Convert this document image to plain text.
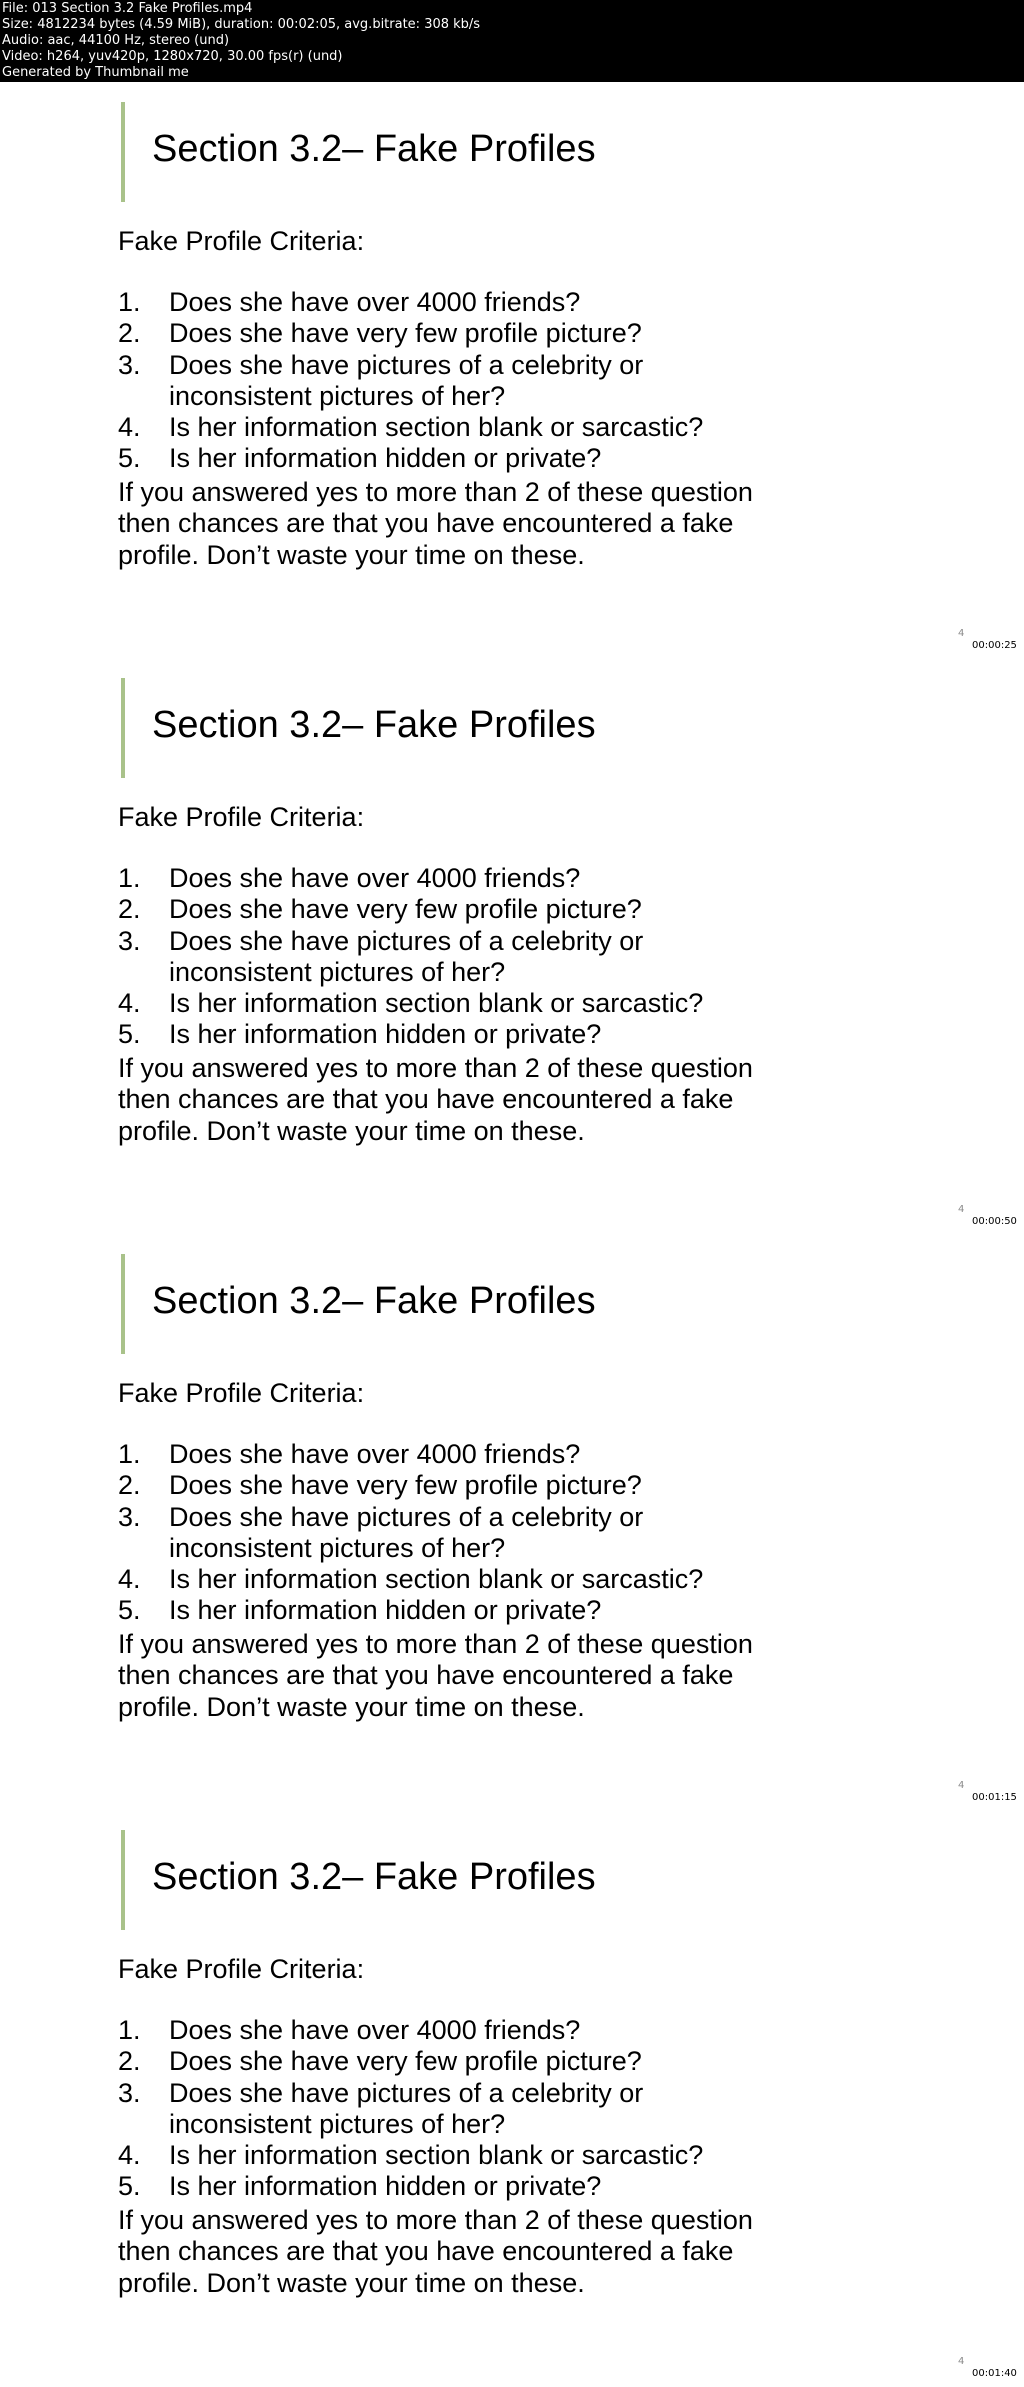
File: 013 Section 3.2 Fake Profiles.mp4
Size: 4812234 bytes (4.59 MiB), duration: 00:02:05, avg.bitrate: 308 kb/s
Audio: aac, 44100 Hz, stereo (und)
Video: h264, yuv420p, 1280x720, 30.00 fps(r) (und)
Generated by Thumbnail me
Section 3.2– Fake Profiles
Fake Profile Criteria:
1.	Does she have over 4000 friends?
2.	Does she have very few profile picture?
3.	Does she have pictures of a celebrity or
inconsistent pictures of her?
4.	Is her information section blank or sarcastic?
5.	Is her information hidden or private?
If you answered yes to more than 2 of these question
then chances are that you have encountered a fake
profile. Don’t waste your time on these.
4
00:00:25
Section 3.2– Fake Profiles
Fake Profile Criteria:
1.	Does she have over 4000 friends?
2.	Does she have very few profile picture?
3.	Does she have pictures of a celebrity or
inconsistent pictures of her?
4.	Is her information section blank or sarcastic?
5.	Is her information hidden or private?
If you answered yes to more than 2 of these question
then chances are that you have encountered a fake
profile. Don’t waste your time on these.
4
00:00:50
Section 3.2– Fake Profiles
Fake Profile Criteria:
1.	Does she have over 4000 friends?
2.	Does she have very few profile picture?
3.	Does she have pictures of a celebrity or
inconsistent pictures of her?
4.	Is her information section blank or sarcastic?
5.	Is her information hidden or private?
If you answered yes to more than 2 of these question
then chances are that you have encountered a fake
profile. Don’t waste your time on these.
4
00:01:15
Section 3.2– Fake Profiles
Fake Profile Criteria:
1.	Does she have over 4000 friends?
2.	Does she have very few profile picture?
3.	Does she have pictures of a celebrity or
inconsistent pictures of her?
4.	Is her information section blank or sarcastic?
5.	Is her information hidden or private?
If you answered yes to more than 2 of these question
then chances are that you have encountered a fake
profile. Don’t waste your time on these.
4
00:01:40
